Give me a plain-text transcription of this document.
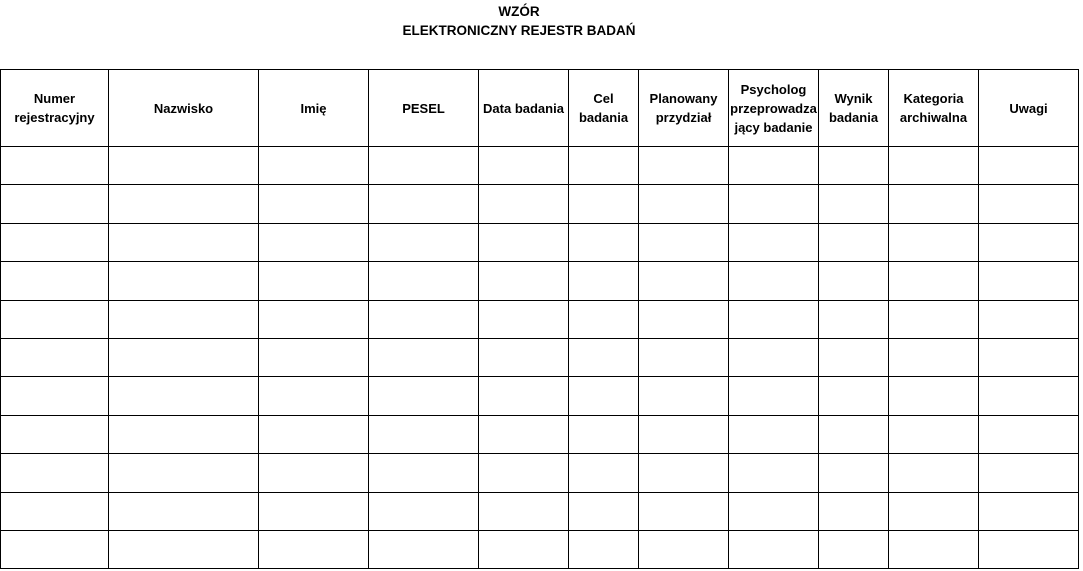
WZÓR
ELEKTRONICZNY REJESTR BADAŃ
Numer rejestracyjny	Nazwisko	Imię	PESEL	Data badania	Cel badania	Planowany przydział	Psycholog przeprowadzający badanie	Wynik badania	Kategoria archiwalna	Uwagi
